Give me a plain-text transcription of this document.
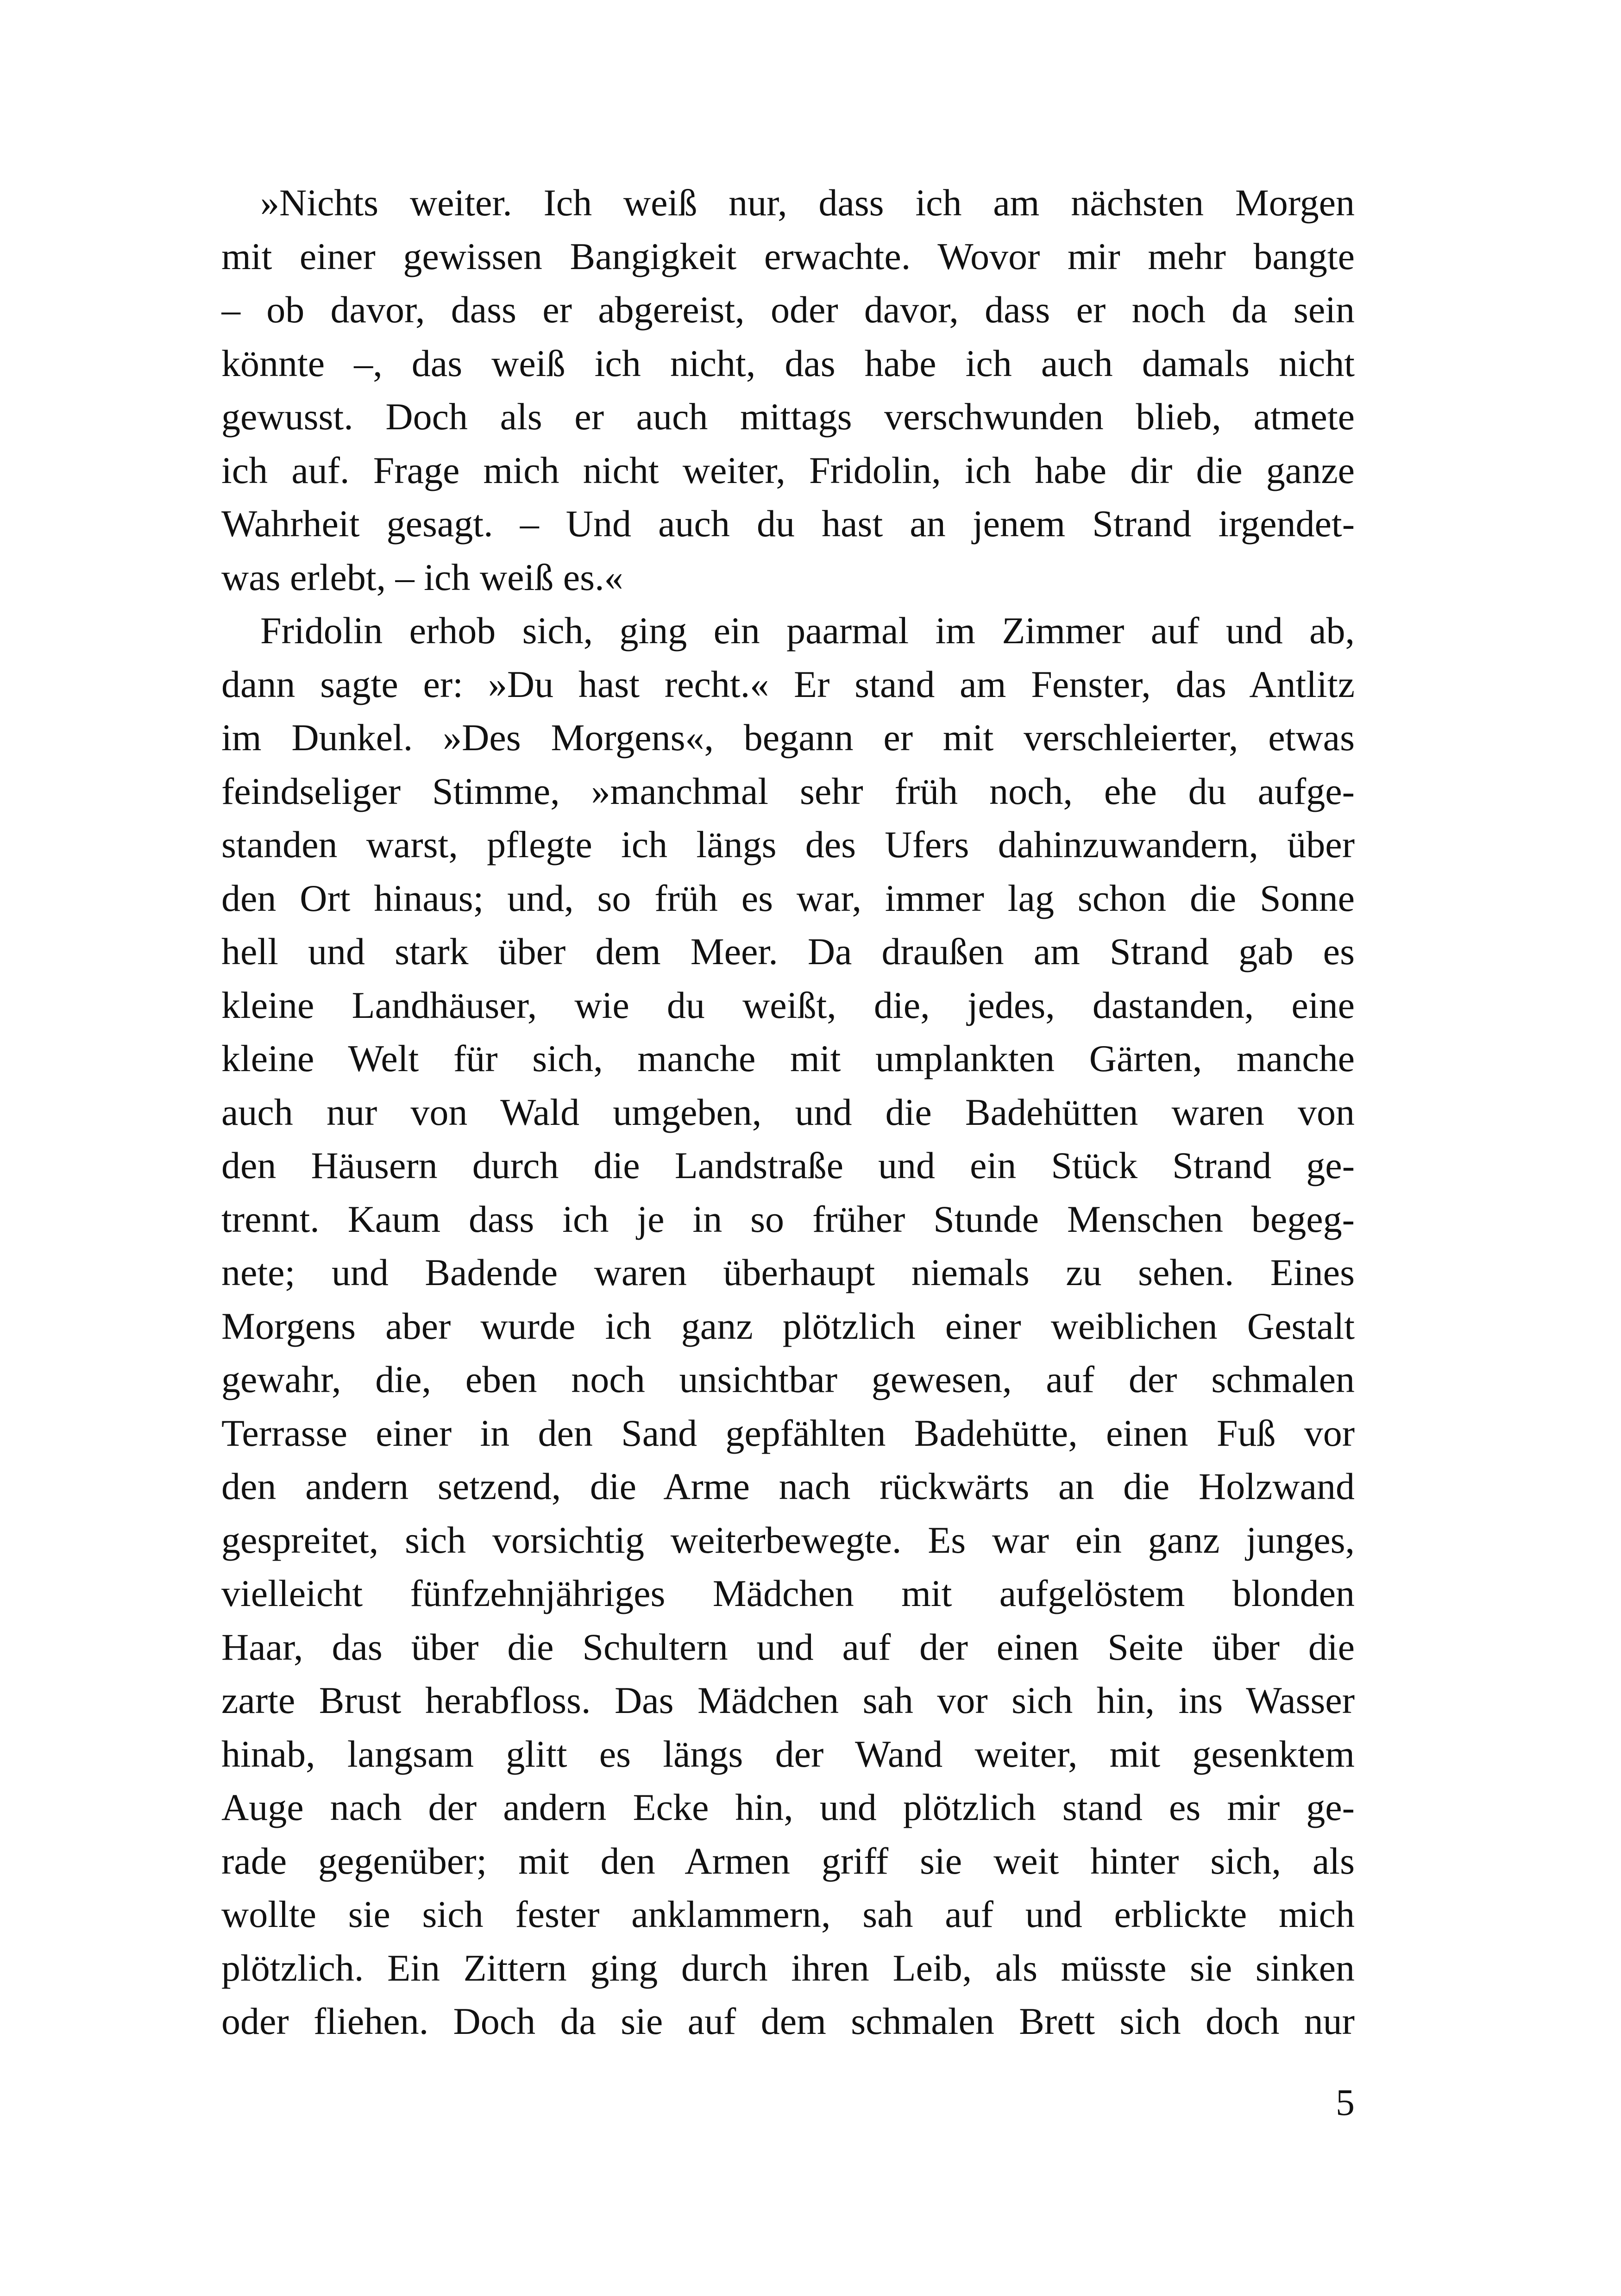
»Nichts weiter. Ich weiß nur, dass ich am nächsten Morgen
mit einer gewissen Bangigkeit erwachte. Wovor mir mehr bangte
– ob davor, dass er abgereist, oder davor, dass er noch da sein
könnte –, das weiß ich nicht, das habe ich auch damals nicht
gewusst. Doch als er auch mittags verschwunden blieb, atmete
ich auf. Frage mich nicht weiter, Fridolin, ich habe dir die ganze
Wahrheit gesagt. – Und auch du hast an jenem Strand irgendet-
was erlebt, – ich weiß es.«
Fridolin erhob sich, ging ein paarmal im Zimmer auf und ab,
dann sagte er: »Du hast recht.« Er stand am Fenster, das Antlitz
im Dunkel. »Des Morgens«, begann er mit verschleierter, etwas
feindseliger Stimme, »manchmal sehr früh noch, ehe du aufge-
standen warst, pflegte ich längs des Ufers dahinzuwandern, über
den Ort hinaus; und, so früh es war, immer lag schon die Sonne
hell und stark über dem Meer. Da draußen am Strand gab es
kleine Landhäuser, wie du weißt, die, jedes, dastanden, eine
kleine Welt für sich, manche mit umplankten Gärten, manche
auch nur von Wald umgeben, und die Badehütten waren von
den Häusern durch die Landstraße und ein Stück Strand ge-
trennt. Kaum dass ich je in so früher Stunde Menschen begeg-
nete; und Badende waren überhaupt niemals zu sehen. Eines
Morgens aber wurde ich ganz plötzlich einer weiblichen Gestalt
gewahr, die, eben noch unsichtbar gewesen, auf der schmalen
Terrasse einer in den Sand gepfählten Badehütte, einen Fuß vor
den andern setzend, die Arme nach rückwärts an die Holzwand
gespreitet, sich vorsichtig weiterbewegte. Es war ein ganz junges,
vielleicht fünfzehnjähriges Mädchen mit aufgelöstem blonden
Haar, das über die Schultern und auf der einen Seite über die
zarte Brust herabfloss. Das Mädchen sah vor sich hin, ins Wasser
hinab, langsam glitt es längs der Wand weiter, mit gesenktem
Auge nach der andern Ecke hin, und plötzlich stand es mir ge-
rade gegenüber; mit den Armen griff sie weit hinter sich, als
wollte sie sich fester anklammern, sah auf und erblickte mich
plötzlich. Ein Zittern ging durch ihren Leib, als müsste sie sinken
oder fliehen. Doch da sie auf dem schmalen Brett sich doch nur
5
